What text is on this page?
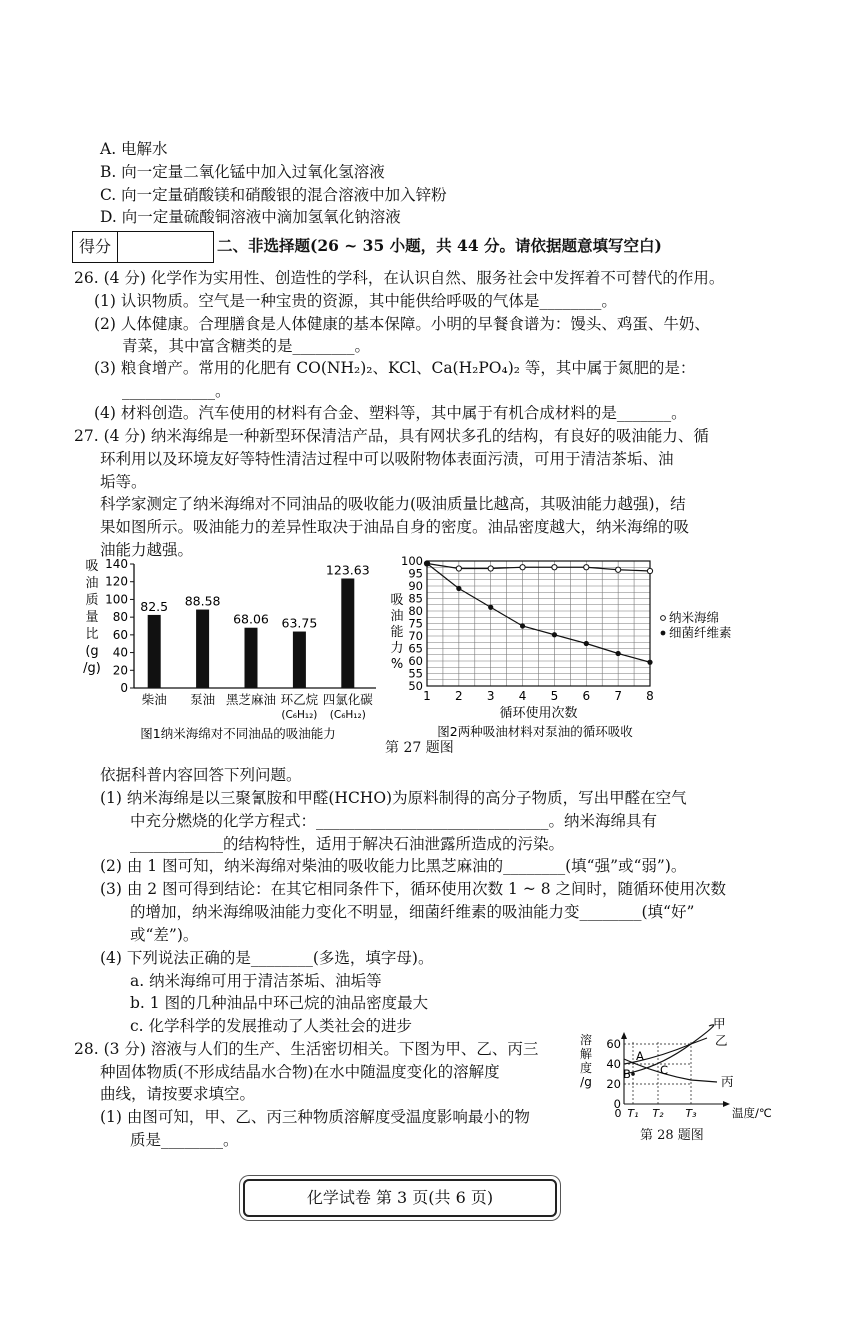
A. 电解水
B. 向一定量二氧化锰中加入过氧化氢溶液
C. 向一定量硝酸镁和硝酸银的混合溶液中加入锌粉
D. 向一定量硫酸铜溶液中滴加氢氧化钠溶液
得分	二、非选择题(26 ~ 35 小题，共 44 分。请依据题意填写空白)
26. (4 分) 化学作为实用性、创造性的学科，在认识自然、服务社会中发挥着不可替代的作用。
(1) 认识物质。空气是一种宝贵的资源，其中能供给呼吸的气体是________。
(2) 人体健康。合理膳食是人体健康的基本保障。小明的早餐食谱为：馒头、鸡蛋、牛奶、
青菜，其中富含糖类的是________。
(3) 粮食增产。常用的化肥有 CO(NH₂)₂、KCl、Ca(H₂PO₄)₂ 等，其中属于氮肥的是：
____________。
(4) 材料创造。汽车使用的材料有合金、塑料等，其中属于有机合成材料的是_______。
27. (4 分) 纳米海绵是一种新型环保清洁产品，具有网状多孔的结构，有良好的吸油能力、循
环利用以及环境友好等特性清洁过程中可以吸附物体表面污渍，可用于清洁茶垢、油
垢等。
科学家测定了纳米海绵对不同油品的吸收能力(吸油质量比越高，其吸油能力越强)，结
果如图所示。吸油能力的差异性取决于油品自身的密度。油品密度越大，纳米海绵的吸
油能力越强。
吸
油
质
量
比
(g
/g)
0
20
40
60
80
100
120
140
82.5 88.58
68.06 63.75
123.63
柴油 泵油 黑芝麻油 环乙烷
(C₆H₁₂)
四氯化碳
(C₆H₁₂)
图1纳米海绵对不同油品的吸油能力
50
55
60
65
70
75
80
85
90
95
100
1 2 3 4 5 6 7 8
吸
油
能
力
%
循环使用次数
纳米海绵
细菌纤维素
图2两种吸油材料对泵油的循环吸收
第 27 题图
依据科普内容回答下列问题。
(1) 纳米海绵是以三聚氰胺和甲醛(HCHO)为原料制得的高分子物质，写出甲醛在空气
中充分燃烧的化学方程式：______________________________。纳米海绵具有
____________的结构特性，适用于解决石油泄露所造成的污染。
(2) 由 1 图可知，纳米海绵对柴油的吸收能力比黑芝麻油的________(填“强”或“弱”)。
(3) 由 2 图可得到结论：在其它相同条件下，循环使用次数 1 ~ 8 之间时，随循环使用次数
的增加，纳米海绵吸油能力变化不明显，细菌纤维素的吸油能力变________(填“好”
或“差”)。
(4) 下列说法正确的是________(多选，填字母)。
a. 纳米海绵可用于清洁茶垢、油垢等
b. 1 图的几种油品中环己烷的油品密度最大
c. 化学科学的发展推动了人类社会的进步
28. (3 分) 溶液与人们的生产、生活密切相关。下图为甲、乙、丙三
种固体物质(不形成结晶水合物)在水中随温度变化的溶解度
曲线，请按要求填空。
(1) 由图可知，甲、乙、丙三种物质溶解度受温度影响最小的物
质是________。
溶
解
度
/g
0
20
40
60
T₁ T₂ T₃
0	温度/℃
甲
乙
丙
A
B	C
第 28 题图
化学试卷 第 3 页(共 6 页)
